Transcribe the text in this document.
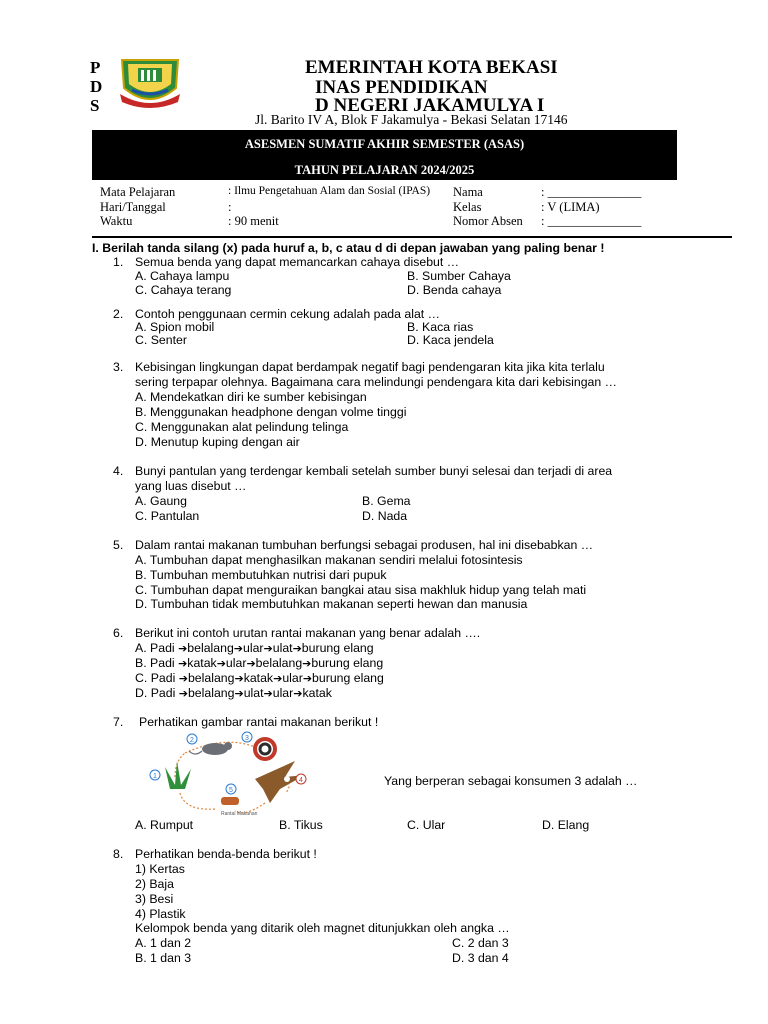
P
D
S
EMERINTAH KOTA BEKASI
INAS PENDIDIKAN
D NEGERI JAKAMULYA I
Jl. Barito IV A, Blok F Jakamulya - Bekasi Selatan 17146
ASESMEN SUMATIF AKHIR SEMESTER (ASAS)
TAHUN PELAJARAN 2024/2025
Mata Pelajaran	: Ilmu Pengetahuan Alam dan Sosial (IPAS)
Hari/Tanggal	:
Waktu	: 90 menit
Nama	: _______________
Kelas	: V (LIMA)
Nomor Absen : _______________
I. Berilah tanda silang (x) pada huruf a, b, c atau d di depan jawaban yang paling benar !
1. Semua benda yang dapat memancarkan cahaya disebut …
A. Cahaya lampu	B. Sumber Cahaya
C. Cahaya terang	D. Benda cahaya
2. Contoh penggunaan cermin cekung adalah pada alat …
A. Spion mobil	B. Kaca rias
C. Senter	D. Kaca jendela
3. Kebisingan lingkungan dapat berdampak negatif bagi pendengaran kita jika kita terlalu
sering terpapar olehnya. Bagaimana cara melindungi pendengara kita dari kebisingan …
A. Mendekatkan diri ke sumber kebisingan
B. Menggunakan headphone dengan volme tinggi
C. Menggunakan alat pelindung telinga
D. Menutup kuping dengan air
4. Bunyi pantulan yang terdengar kembali setelah sumber bunyi selesai dan terjadi di area
yang luas disebut …
A. Gaung	B. Gema
C. Pantulan	D. Nada
5. Dalam rantai makanan tumbuhan berfungsi sebagai produsen, hal ini disebabkan …
A. Tumbuhan dapat menghasilkan makanan sendiri melalui fotosintesis
B. Tumbuhan membutuhkan nutrisi dari pupuk
C. Tumbuhan dapat menguraikan bangkai atau sisa makhluk hidup yang telah mati
D. Tumbuhan tidak membutuhkan makanan seperti hewan dan manusia
6. Berikut ini contoh urutan rantai makanan yang benar adalah ….
A. Padi ➔belalang➔ular➔ulat➔burung elang
B. Padi ➔katak➔ular➔belalang➔burung elang
C. Padi ➔belalang➔katak➔ular➔burung elang
D. Padi ➔belalang➔ulat➔ular➔katak
7. Perhatikan gambar rantai makanan berikut !
1
2	3
4
5
Rantai Makanan
Yang berperan sebagai konsumen 3 adalah …
A. Rumput	B. Tikus	C. Ular	D. Elang
8. Perhatikan benda-benda berikut !
1) Kertas
2) Baja
3) Besi
4) Plastik
Kelompok benda yang ditarik oleh magnet ditunjukkan oleh angka …
A. 1 dan 2	C. 2 dan 3
B. 1 dan 3	D. 3 dan 4
